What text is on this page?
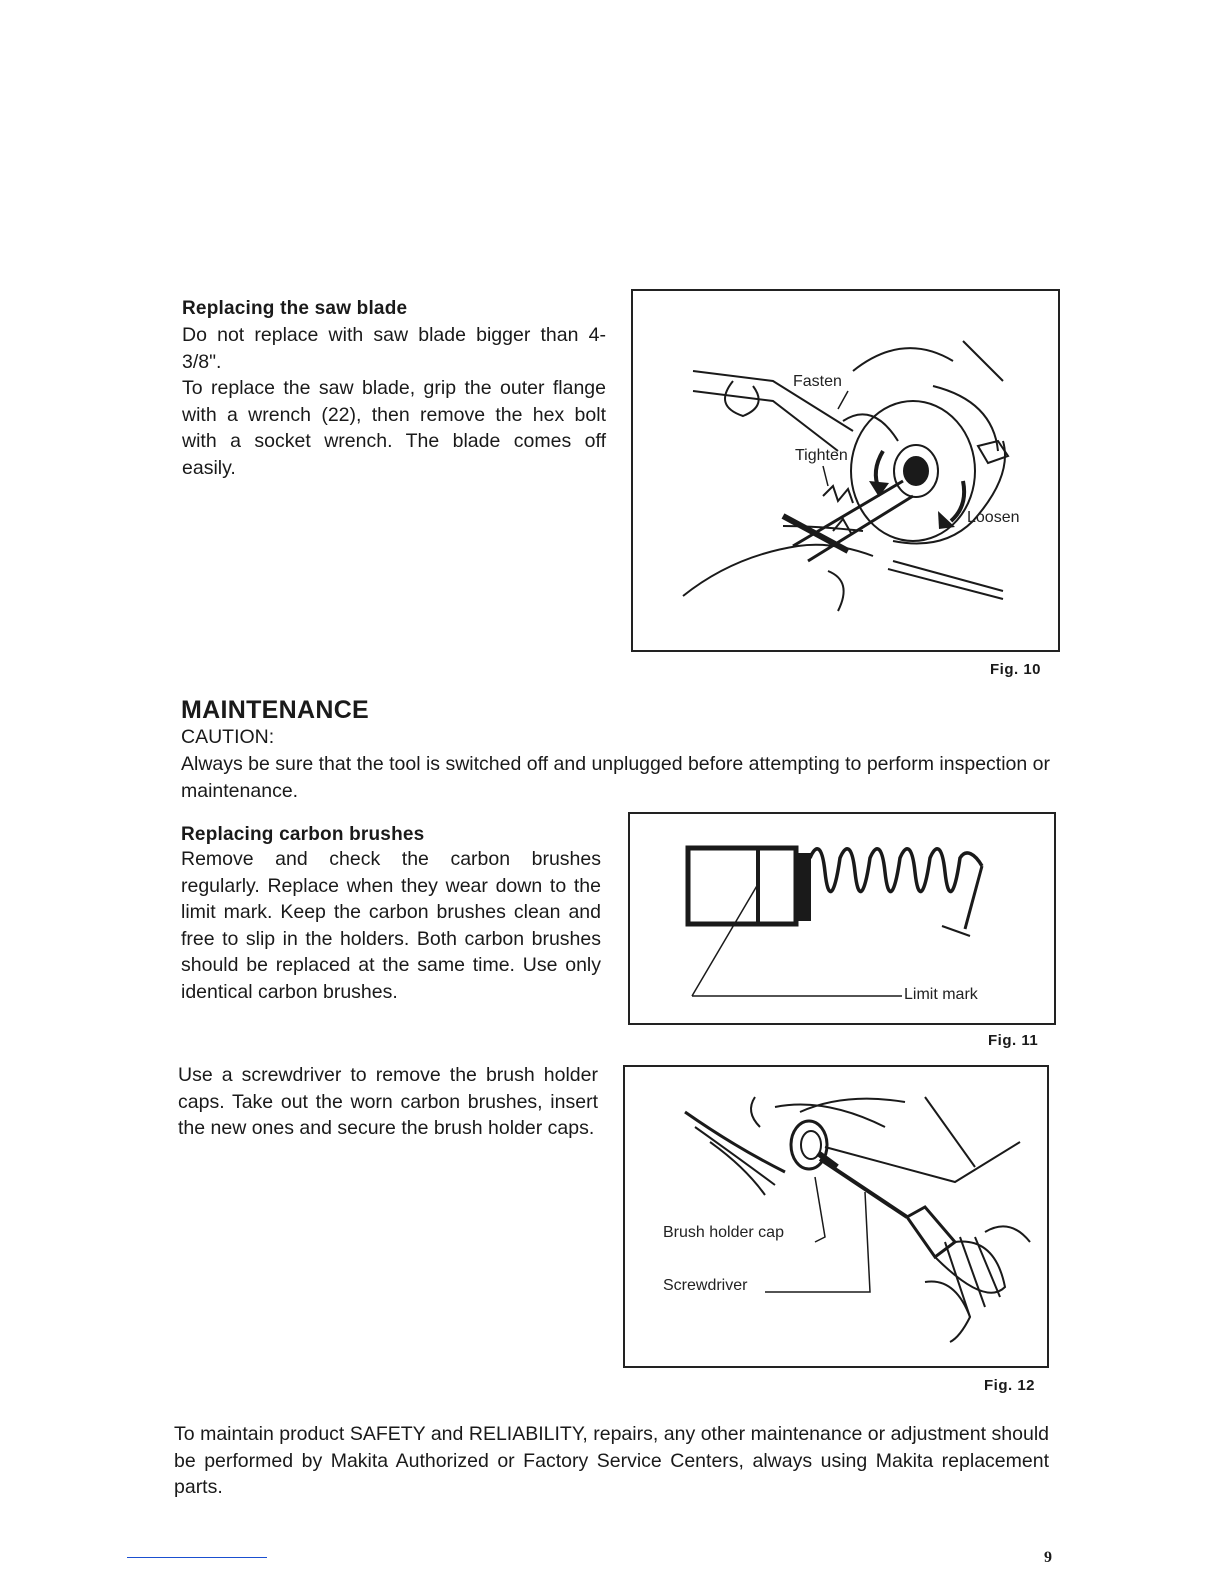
Replacing the saw blade
Do not replace with saw blade bigger than 4-3/8".
To replace the saw blade, grip the outer flange with a wrench (22), then remove the hex bolt with a socket wrench. The blade comes off easily.
Fasten
Tighten
Loosen
Fig. 10
MAINTENANCE
CAUTION:
Always be sure that the tool is switched off and unplugged before attempting to perform inspection or maintenance.
Replacing carbon brushes
Remove and check the carbon brushes regularly. Replace when they wear down to the limit mark. Keep the carbon brushes clean and free to slip in the holders. Both carbon brushes should be replaced at the same time. Use only identical carbon brushes.
Use a screwdriver to remove the brush holder caps. Take out the worn carbon brushes, insert the new ones and secure the brush holder caps.
Limit mark
Fig. 11
Brush holder cap
Screwdriver
Fig. 12
To maintain product SAFETY and RELIABILITY, repairs, any other maintenance or adjustment should be performed by Makita Authorized or Factory Service Centers, always using Makita replacement parts.
9
